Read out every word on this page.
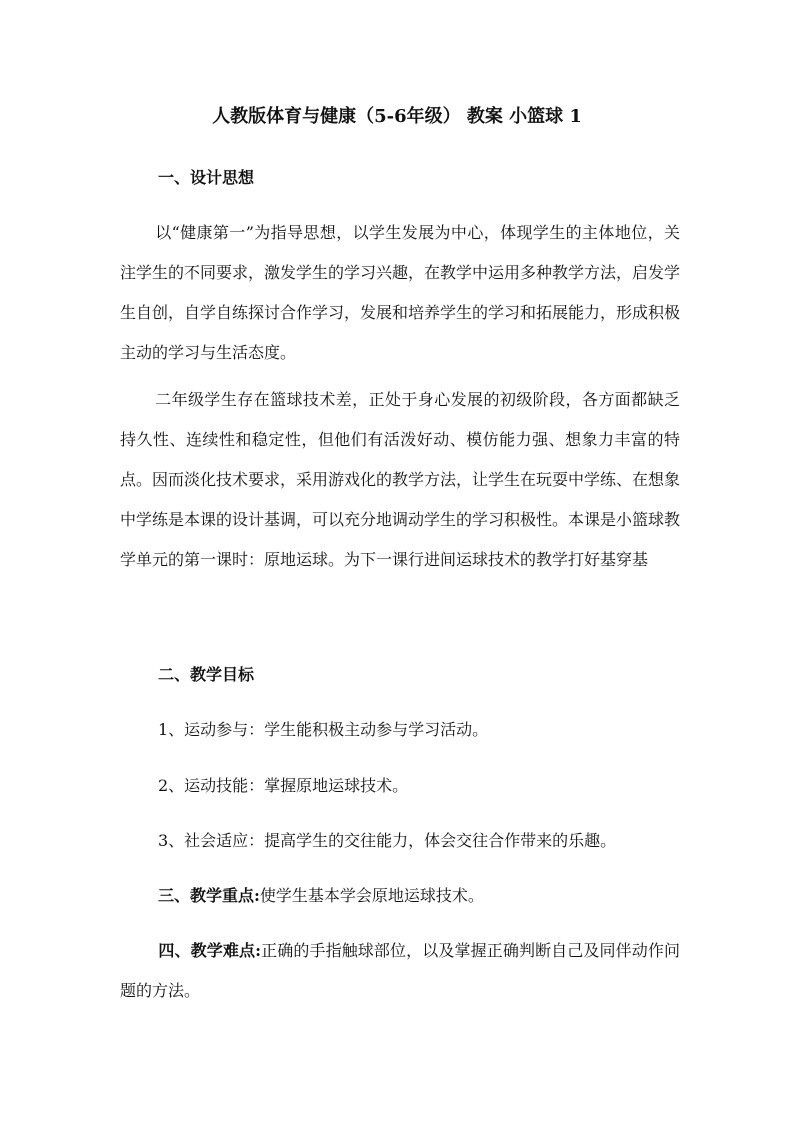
人教版体育与健康（5-6年级） 教案 小篮球 1
一、设计思想
以“健康第一”为指导思想，以学生发展为中心，体现学生的主体地位，关注学生的不同要求，激发学生的学习兴趣，在教学中运用多种教学方法，启发学生自创，自学自练探讨合作学习，发展和培养学生的学习和拓展能力，形成积极主动的学习与生活态度。
二年级学生存在篮球技术差，正处于身心发展的初级阶段，各方面都缺乏持久性、连续性和稳定性，但他们有活泼好动、模仿能力强、想象力丰富的特点。因而淡化技术要求，采用游戏化的教学方法，让学生在玩耍中学练、在想象中学练是本课的设计基调，可以充分地调动学生的学习积极性。本课是小篮球教学单元的第一课时：原地运球。为下一课行进间运球技术的教学打好基穿基
二、教学目标
1、运动参与：学生能积极主动参与学习活动。
2、运动技能：掌握原地运球技术。
3、社会适应：提高学生的交往能力，体会交往合作带来的乐趣。
三、教学重点:使学生基本学会原地运球技术。
四、教学难点:正确的手指触球部位，以及掌握正确判断自己及同伴动作问题的方法。
